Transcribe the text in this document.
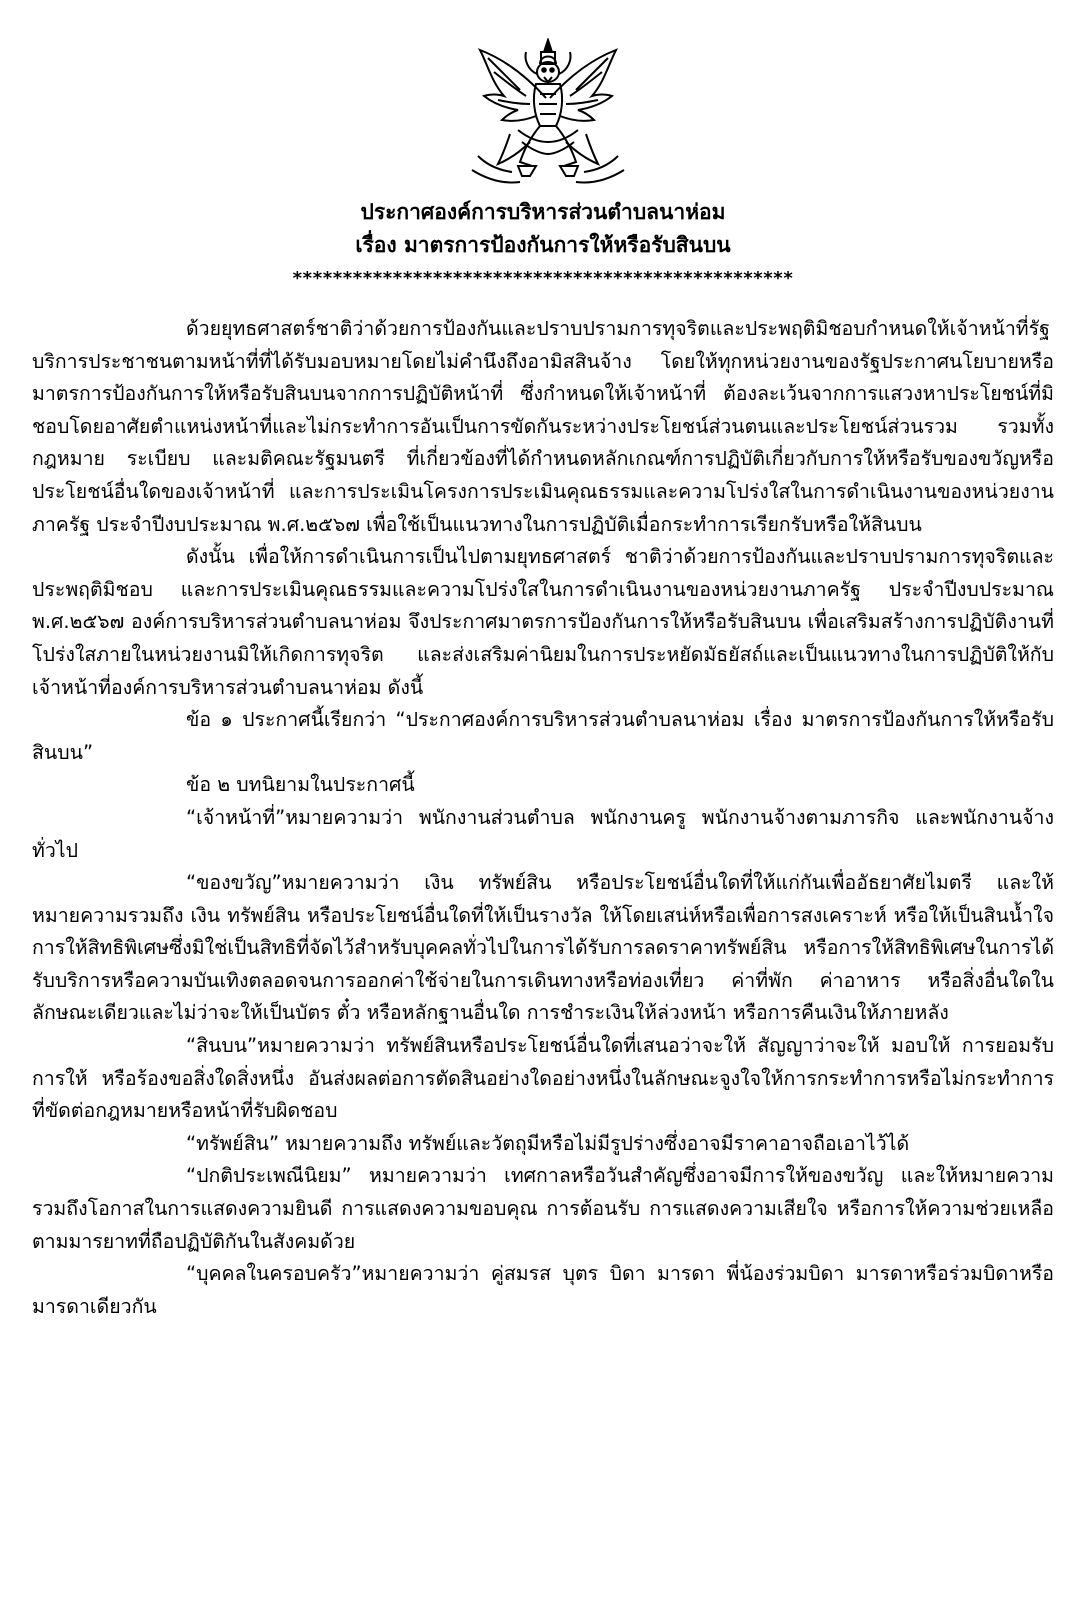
ประกาศองค์การบริหารส่วนตำบลนาห่อม
เรื่อง มาตรการป้องกันการให้หรือรับสินบน
**************************************************

ด้วยยุทธศาสตร์ชาติว่าด้วยการป้องกันและปราบปรามการทุจริตและประพฤติมิชอบกำหนดให้เจ้าหน้าที่รัฐบริการประชาชนตามหน้าที่ที่ได้รับมอบหมายโดยไม่คำนึงถึงอามิสสินจ้าง โดยให้ทุกหน่วยงานของรัฐประกาศนโยบายหรือมาตรการป้องกันการให้หรือรับสินบนจากการปฏิบัติหน้าที่ ซึ่งกำหนดให้เจ้าหน้าที่ ต้องละเว้นจากการแสวงหาประโยชน์ที่มิชอบโดยอาศัยตำแหน่งหน้าที่และไม่กระทำการอันเป็นการขัดกันระหว่างประโยชน์ส่วนตนและประโยชน์ส่วนรวม รวมทั้งกฎหมาย ระเบียบ และมติคณะรัฐมนตรี ที่เกี่ยวข้องที่ได้กำหนดหลักเกณฑ์การปฏิบัติเกี่ยวกับการให้หรือรับของขวัญหรือประโยชน์อื่นใดของเจ้าหน้าที่ และการประเมินโครงการประเมินคุณธรรมและความโปร่งใสในการดำเนินงานของหน่วยงานภาครัฐ ประจำปีงบประมาณ พ.ศ.๒๕๖๗ เพื่อใช้เป็นแนวทางในการปฏิบัติเมื่อกระทำการเรียกรับหรือให้สินบน

ดังนั้น เพื่อให้การดำเนินการเป็นไปตามยุทธศาสตร์ ชาติว่าด้วยการป้องกันและปราบปรามการทุจริตและประพฤติมิชอบ และการประเมินคุณธรรมและความโปร่งใสในการดำเนินงานของหน่วยงานภาครัฐ ประจำปีงบประมาณ พ.ศ.๒๕๖๗ องค์การบริหารส่วนตำบลนาห่อม จึงประกาศมาตรการป้องกันการให้หรือรับสินบน เพื่อเสริมสร้างการปฏิบัติงานที่โปร่งใสภายในหน่วยงานมิให้เกิดการทุจริต และส่งเสริมค่านิยมในการประหยัดมัธยัสถ์และเป็นแนวทางในการปฏิบัติให้กับเจ้าหน้าที่องค์การบริหารส่วนตำบลนาห่อม ดังนี้

ข้อ ๑ ประกาศนี้เรียกว่า “ประกาศองค์การบริหารส่วนตำบลนาห่อม เรื่อง มาตรการป้องกันการให้หรือรับสินบน”

ข้อ ๒ บทนิยามในประกาศนี้

“เจ้าหน้าที่”หมายความว่า พนักงานส่วนตำบล พนักงานครู พนักงานจ้างตามภารกิจ และพนักงานจ้างทั่วไป

“ของขวัญ”หมายความว่า เงิน ทรัพย์สิน หรือประโยชน์อื่นใดที่ให้แก่กันเพื่ออัธยาศัยไมตรี และให้หมายความรวมถึง เงิน ทรัพย์สิน หรือประโยชน์อื่นใดที่ให้เป็นรางวัล ให้โดยเสน่ห์หรือเพื่อการสงเคราะห์ หรือให้เป็นสินน้ำใจ การให้สิทธิพิเศษซึ่งมิใช่เป็นสิทธิที่จัดไว้สำหรับบุคคลทั่วไปในการได้รับการลดราคาทรัพย์สิน หรือการให้สิทธิพิเศษในการได้รับบริการหรือความบันเทิงตลอดจนการออกค่าใช้จ่ายในการเดินทางหรือท่องเที่ยว ค่าที่พัก ค่าอาหาร หรือสิ่งอื่นใดในลักษณะเดียวและไม่ว่าจะให้เป็นบัตร ตั๋ว หรือหลักฐานอื่นใด การชำระเงินให้ล่วงหน้า หรือการคืนเงินให้ภายหลัง

“สินบน”หมายความว่า ทรัพย์สินหรือประโยชน์อื่นใดที่เสนอว่าจะให้ สัญญาว่าจะให้ มอบให้ การยอมรับ การให้ หรือร้องขอสิ่งใดสิ่งหนึ่ง อันส่งผลต่อการตัดสินอย่างใดอย่างหนึ่งในลักษณะจูงใจให้การกระทำการหรือไม่กระทำการ ที่ขัดต่อกฎหมายหรือหน้าที่รับผิดชอบ

“ทรัพย์สิน” หมายความถึง ทรัพย์และวัตถุมีหรือไม่มีรูปร่างซึ่งอาจมีราคาอาจถือเอาไว้ได้

“ปกติประเพณีนิยม” หมายความว่า เทศกาลหรือวันสำคัญซึ่งอาจมีการให้ของขวัญ และให้หมายความรวมถึงโอกาสในการแสดงความยินดี การแสดงความขอบคุณ การต้อนรับ การแสดงความเสียใจ หรือการให้ความช่วยเหลือตามมารยาทที่ถือปฏิบัติกันในสังคมด้วย

“บุคคลในครอบครัว”หมายความว่า คู่สมรส บุตร บิดา มารดา พี่น้องร่วมบิดา มารดาหรือร่วมบิดาหรือมารดาเดียวกัน
